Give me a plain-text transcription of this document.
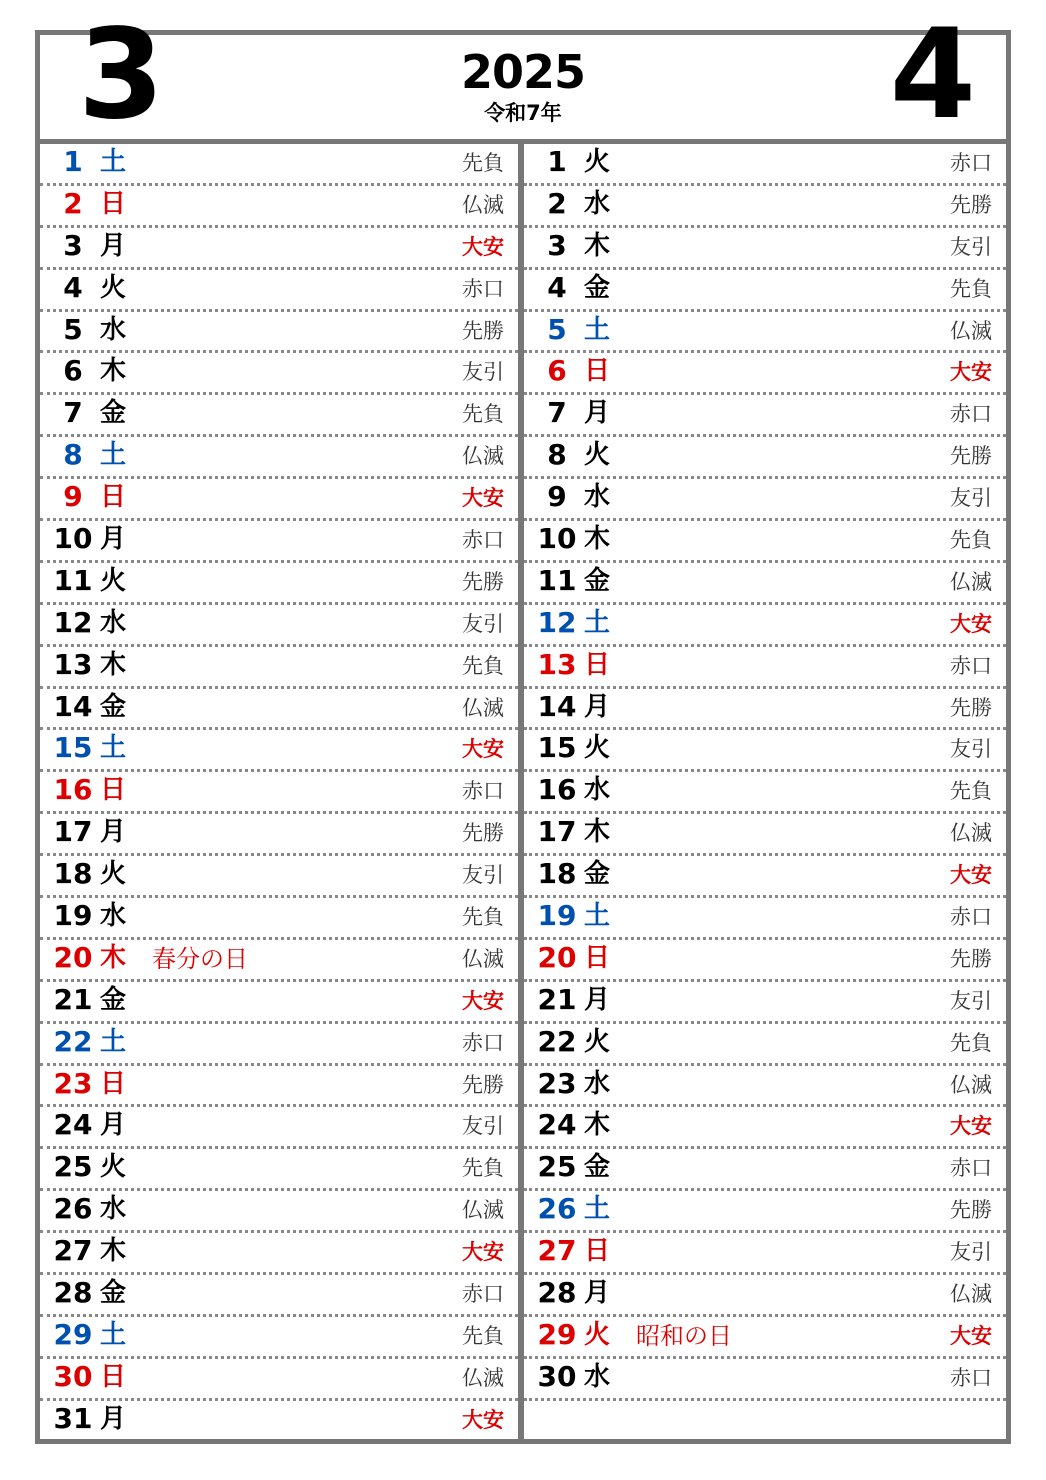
3	2025
令和7年	4
1 土	先負
2 日	仏滅
3 月	大安
4 火	赤口
5 水	先勝
6 木	友引
7 金	先負
8 土	仏滅
9 日	大安
10 月	赤口
11 火	先勝
12 水	友引
13 木	先負
14 金	仏滅
15 土	大安
16 日	赤口
17 月	先勝
18 火	友引
19 水	先負
20 木 春分の日	仏滅
21 金	大安
22 土	赤口
23 日	先勝
24 月	友引
25 火	先負
26 水	仏滅
27 木	大安
28 金	赤口
29 土	先負
30 日	仏滅
31 月	大安
1 火	赤口
2 水	先勝
3 木	友引
4 金	先負
5 土	仏滅
6 日	大安
7 月	赤口
8 火	先勝
9 水	友引
10 木	先負
11 金	仏滅
12 土	大安
13 日	赤口
14 月	先勝
15 火	友引
16 水	先負
17 木	仏滅
18 金	大安
19 土	赤口
20 日	先勝
21 月	友引
22 火	先負
23 水	仏滅
24 木	大安
25 金	赤口
26 土	先勝
27 日	友引
28 月	仏滅
29 火 昭和の日	大安
30 水	赤口
